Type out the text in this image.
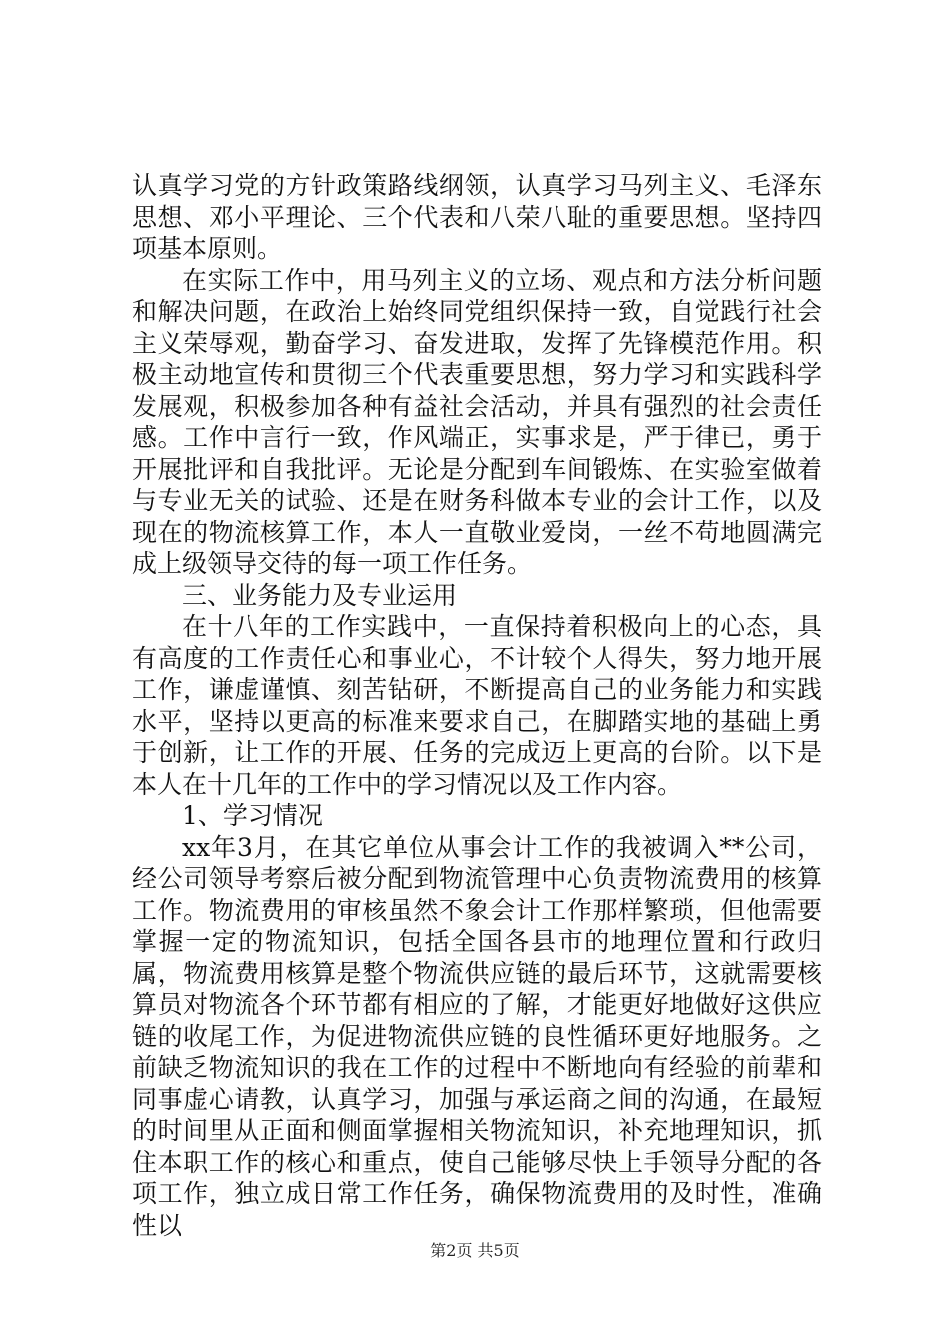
认真学习党的方针政策路线纲领，认真学习马列主义、毛泽东思想、邓小平理论、三个代表和八荣八耻的重要思想。坚持四项基本原则。

在实际工作中，用马列主义的立场、观点和方法分析问题和解决问题，在政治上始终同党组织保持一致，自觉践行社会主义荣辱观，勤奋学习、奋发进取，发挥了先锋模范作用。积极主动地宣传和贯彻三个代表重要思想，努力学习和实践科学发展观，积极参加各种有益社会活动，并具有强烈的社会责任感。工作中言行一致，作风端正，实事求是，严于律已，勇于开展批评和自我批评。无论是分配到车间锻炼、在实验室做着与专业无关的试验、还是在财务科做本专业的会计工作，以及现在的物流核算工作，本人一直敬业爱岗，一丝不苟地圆满完成上级领导交待的每一项工作任务。

三、业务能力及专业运用

在十八年的工作实践中，一直保持着积极向上的心态，具有高度的工作责任心和事业心，不计较个人得失，努力地开展工作，谦虚谨慎、刻苦钻研，不断提高自己的业务能力和实践水平，坚持以更高的标准来要求自己，在脚踏实地的基础上勇于创新，让工作的开展、任务的完成迈上更高的台阶。以下是本人在十几年的工作中的学习情况以及工作内容。

1、学习情况

xx年3月，在其它单位从事会计工作的我被调入**公司，经公司领导考察后被分配到物流管理中心负责物流费用的核算工作。物流费用的审核虽然不象会计工作那样繁琐，但他需要掌握一定的物流知识，包括全国各县市的地理位置和行政归属，物流费用核算是整个物流供应链的最后环节，这就需要核算员对物流各个环节都有相应的了解，才能更好地做好这供应链的收尾工作，为促进物流供应链的良性循环更好地服务。之前缺乏物流知识的我在工作的过程中不断地向有经验的前辈和同事虚心请教，认真学习，加强与承运商之间的沟通，在最短的时间里从正面和侧面掌握相关物流知识，补充地理知识，抓住本职工作的核心和重点，使自己能够尽快上手领导分配的各项工作，独立成日常工作任务，确保物流费用的及时性，准确性以

第2页 共5页
